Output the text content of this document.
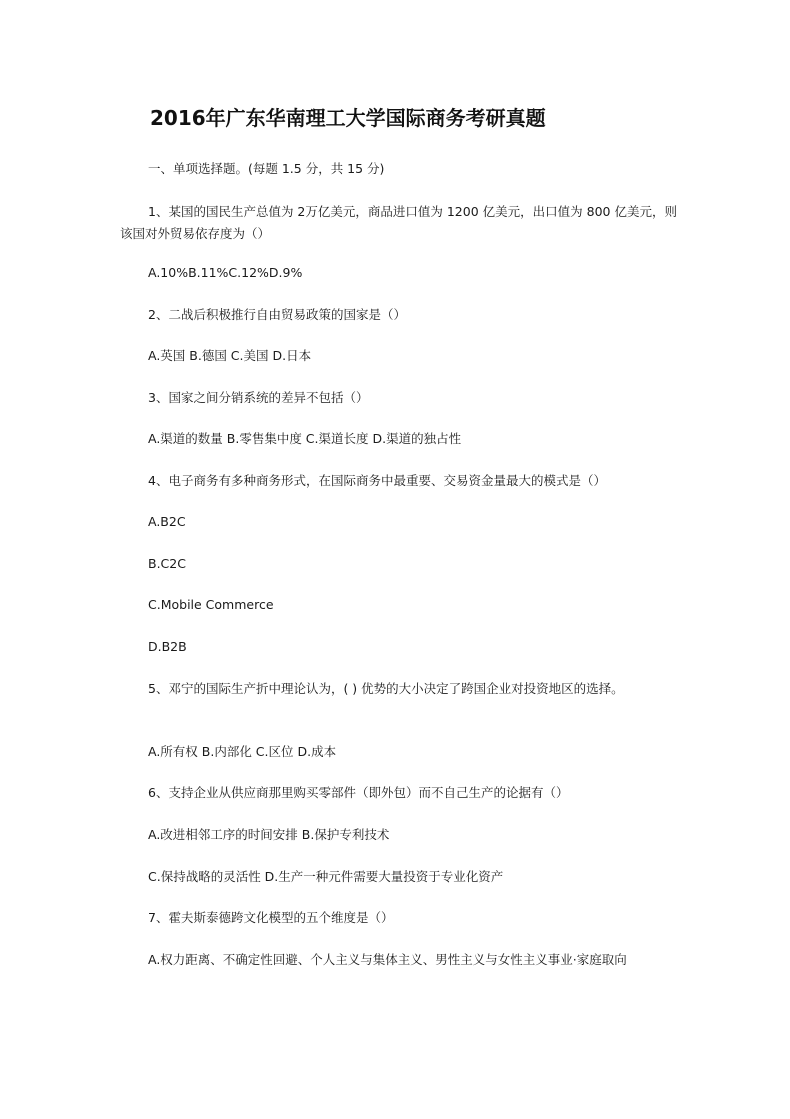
2016年广东华南理工大学国际商务考研真题

一、单项选择题。(每题 1.5 分，共 15 分)

1、某国的国民生产总值为 2万亿美元，商品进口值为 1200 亿美元，出口值为 800 亿美元，则该国对外贸易依存度为（）

A.10%B.11%C.12%D.9%

2、二战后积极推行自由贸易政策的国家是（）

A.英国 B.德国 C.美国 D.日本

3、国家之间分销系统的差异不包括（）

A.渠道的数量 B.零售集中度 C.渠道长度 D.渠道的独占性

4、电子商务有多种商务形式，在国际商务中最重要、交易资金量最大的模式是（）

A.B2C

B.C2C

C.Mobile Commerce

D.B2B

5、邓宁的国际生产折中理论认为，( ) 优势的大小决定了跨国企业对投资地区的选择。

A.所有权 B.内部化 C.区位 D.成本

6、支持企业从供应商那里购买零部件（即外包）而不自己生产的论据有（）

A.改进相邻工序的时间安排 B.保护专利技术

C.保持战略的灵活性 D.生产一种元件需要大量投资于专业化资产

7、霍夫斯泰德跨文化模型的五个维度是（）

A.权力距离、不确定性回避、个人主义与集体主义、男性主义与女性主义事业·家庭取向
